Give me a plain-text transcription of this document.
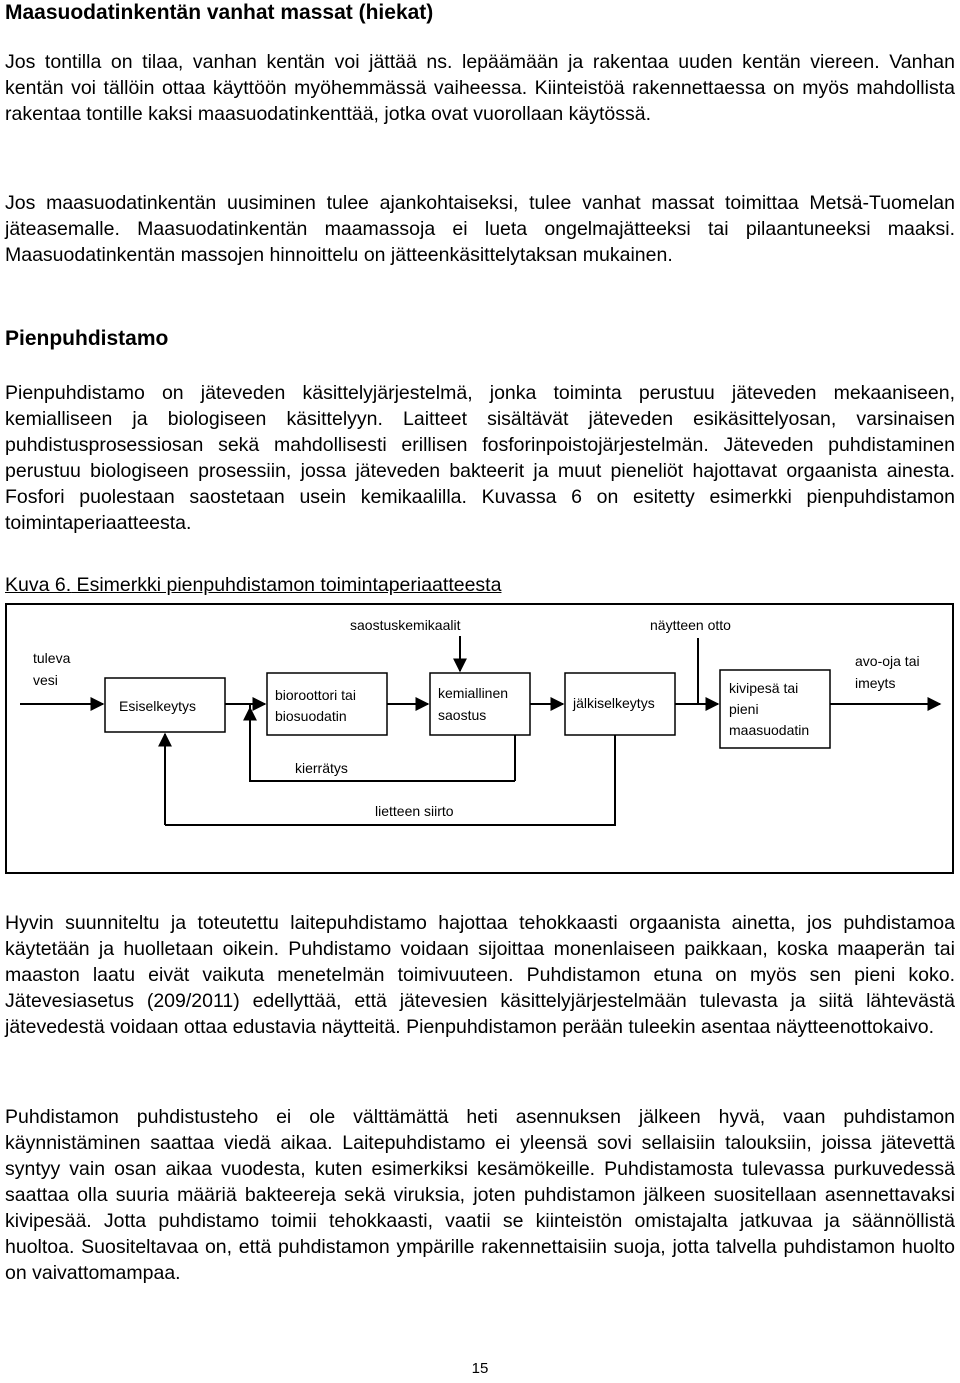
Maasuodatinkentän vanhat massat (hiekat)

Jos tontilla on tilaa, vanhan kentän voi jättää ns. lepäämään ja rakentaa uuden kentän viereen. Vanhan kentän voi tällöin ottaa käyttöön myöhemmässä vaiheessa. Kiinteistöä rakennettaessa on myös mahdollista rakentaa tontille kaksi maasuodatinkenttää, jotka ovat vuorollaan käytössä.

Jos maasuodatinkentän uusiminen tulee ajankohtaiseksi, tulee vanhat massat toimittaa Metsä-Tuomelan jäteasemalle. Maasuodatinkentän maamassoja ei lueta ongelmajätteeksi tai pilaantuneeksi maaksi. Maasuodatinkentän massojen hinnoittelu on jätteenkäsittelytaksan mukainen.

Pienpuhdistamo

Pienpuhdistamo on jäteveden käsittelyjärjestelmä, jonka toiminta perustuu jäteveden mekaaniseen, kemialliseen ja biologiseen käsittelyyn. Laitteet sisältävät jäteveden esikäsittelyosan, varsinaisen puhdistusprosessiosan sekä mahdollisesti erillisen fosforinpoistojärjestelmän. Jäteveden puhdistaminen perustuu biologiseen prosessiin, jossa jäteveden bakteerit ja muut pieneliöt hajottavat orgaanista ainesta. Fosfori puolestaan saostetaan usein kemikaalilla. Kuvassa 6 on esitetty esimerkki pienpuhdistamon toimintaperiaatteesta.

Kuva 6. Esimerkki pienpuhdistamon toimintaperiaatteesta

tuleva
vesi
Esiselkeytys
bioroottori tai
biosuodatin
kemiallinen
saostus
jälkiselkeytys
kivipesä tai
pieni
maasuodatin
avo-oja tai
imeyts
saostuskemikaalit	näytteen otto
kierrätys
lietteen siirto

Hyvin suunniteltu ja toteutettu laitepuhdistamo hajottaa tehokkaasti orgaanista ainetta, jos puhdistamoa käytetään ja huolletaan oikein. Puhdistamo voidaan sijoittaa monenlaiseen paikkaan, koska maaperän tai maaston laatu eivät vaikuta menetelmän toimivuuteen. Puhdistamon etuna on myös sen pieni koko. Jätevesiasetus (209/2011) edellyttää, että jätevesien käsittelyjärjestelmään tulevasta ja siitä lähtevästä jätevedestä voidaan ottaa edustavia näytteitä. Pienpuhdistamon perään tuleekin asentaa näytteenottokaivo.

Puhdistamon puhdistusteho ei ole välttämättä heti asennuksen jälkeen hyvä, vaan puhdistamon käynnistäminen saattaa viedä aikaa. Laitepuhdistamo ei yleensä sovi sellaisiin talouksiin, joissa jätevettä syntyy vain osan aikaa vuodesta, kuten esimerkiksi kesämökeille. Puhdistamosta tulevassa purkuvedessä saattaa olla suuria määriä bakteereja sekä viruksia, joten puhdistamon jälkeen suositellaan asennettavaksi kivipesää. Jotta puhdistamo toimii tehokkaasti, vaatii se kiinteistön omistajalta jatkuvaa ja säännöllistä huoltoa. Suositeltavaa on, että puhdistamon ympärille rakennettaisiin suoja, jotta talvella puhdistamon huolto on vaivattomampaa.

15
